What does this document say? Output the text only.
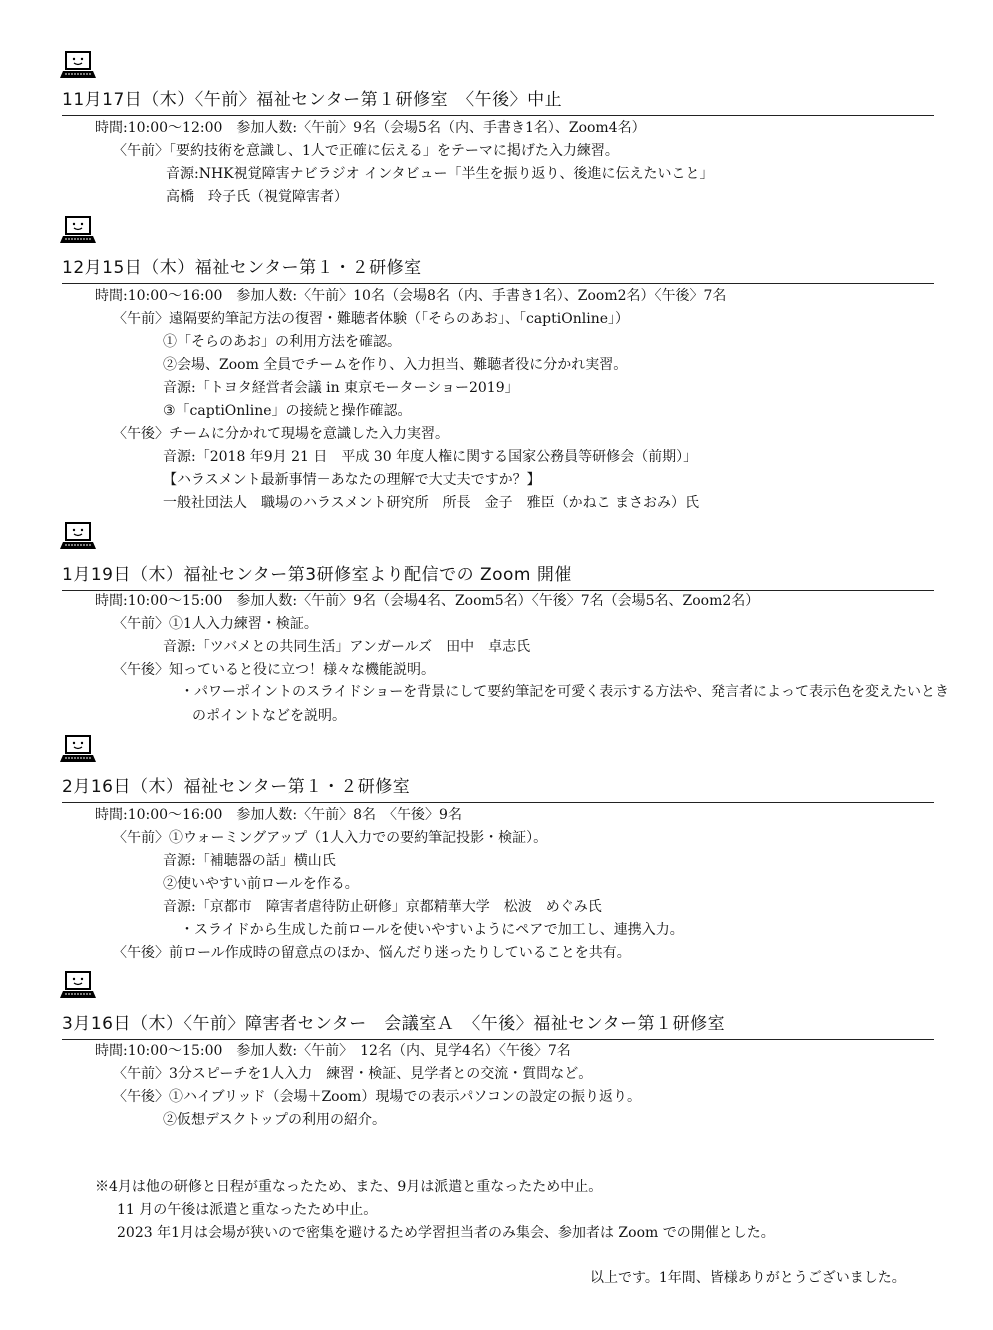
11月17日（木）〈午前〉福祉センター第１研修室　〈午後〉中止
時間:10:00～12:00　参加人数:〈午前〉9名（会場5名（内、手書き1名）、Zoom4名）
〈午前〉「要約技術を意識し、1人で正確に伝える」をテーマに掲げた入力練習。
音源:NHK視覚障害ナビラジオ インタビュー「半生を振り返り、後進に伝えたいこと」
高橋　玲子氏（視覚障害者）
12月15日（木）福祉センター第１・２研修室
時間:10:00～16:00　参加人数:〈午前〉10名（会場8名（内、手書き1名）、Zoom2名）〈午後〉7名
〈午前〉遠隔要約筆記方法の復習・難聴者体験（「そらのあお」、「captiOnline」）
①「そらのあお」の利用方法を確認。
②会場、Zoom 全員でチームを作り、入力担当、難聴者役に分かれ実習。
音源:「トヨタ経営者会議 in 東京モーターショー2019」
③「captiOnline」の接続と操作確認。
〈午後〉チームに分かれて現場を意識した入力実習。
音源:「2018 年9月 21 日　平成 30 年度人権に関する国家公務員等研修会（前期）」
【ハラスメント最新事情－あなたの理解で大丈夫ですか？】
一般社団法人　職場のハラスメント研究所　所長　金子　雅臣（かねこ まさおみ）氏
1月19日（木）福祉センター第3研修室より配信での Zoom 開催
時間:10:00～15:00　参加人数:〈午前〉9名（会場4名、Zoom5名）〈午後〉7名（会場5名、Zoom2名）
〈午前〉①1人入力練習・検証。
音源:「ツバメとの共同生活」アンガールズ　田中　卓志氏
〈午後〉知っていると役に立つ！様々な機能説明。
・パワーポイントのスライドショーを背景にして要約筆記を可愛く表示する方法や、発言者によって表示色を変えたいときのポイントなどを説明。
2月16日（木）福祉センター第１・２研修室
時間:10:00～16:00　参加人数:〈午前〉8名　〈午後〉9名
〈午前〉①ウォーミングアップ（1人入力での要約筆記投影・検証）。
音源:「補聴器の話」横山氏
②使いやすい前ロールを作る。
音源:「京都市　障害者虐待防止研修」京都精華大学　松波　めぐみ氏
・スライドから生成した前ロールを使いやすいようにペアで加工し、連携入力。
〈午後〉前ロール作成時の留意点のほか、悩んだり迷ったりしていることを共有。
3月16日（木）〈午前〉障害者センター　会議室Ａ　〈午後〉福祉センター第１研修室
時間:10:00～15:00　参加人数:〈午前〉　12名（内、見学4名）〈午後〉7名
〈午前〉3分スピーチを1人入力　練習・検証、見学者との交流・質問など。
〈午後〉①ハイブリッド（会場＋Zoom）現場での表示パソコンの設定の振り返り。
②仮想デスクトップの利用の紹介。
※4月は他の研修と日程が重なったため、また、9月は派遣と重なったため中止。
11 月の午後は派遣と重なったため中止。
2023 年1月は会場が狭いので密集を避けるため学習担当者のみ集会、参加者は Zoom での開催とした。
以上です。1年間、皆様ありがとうございました。
